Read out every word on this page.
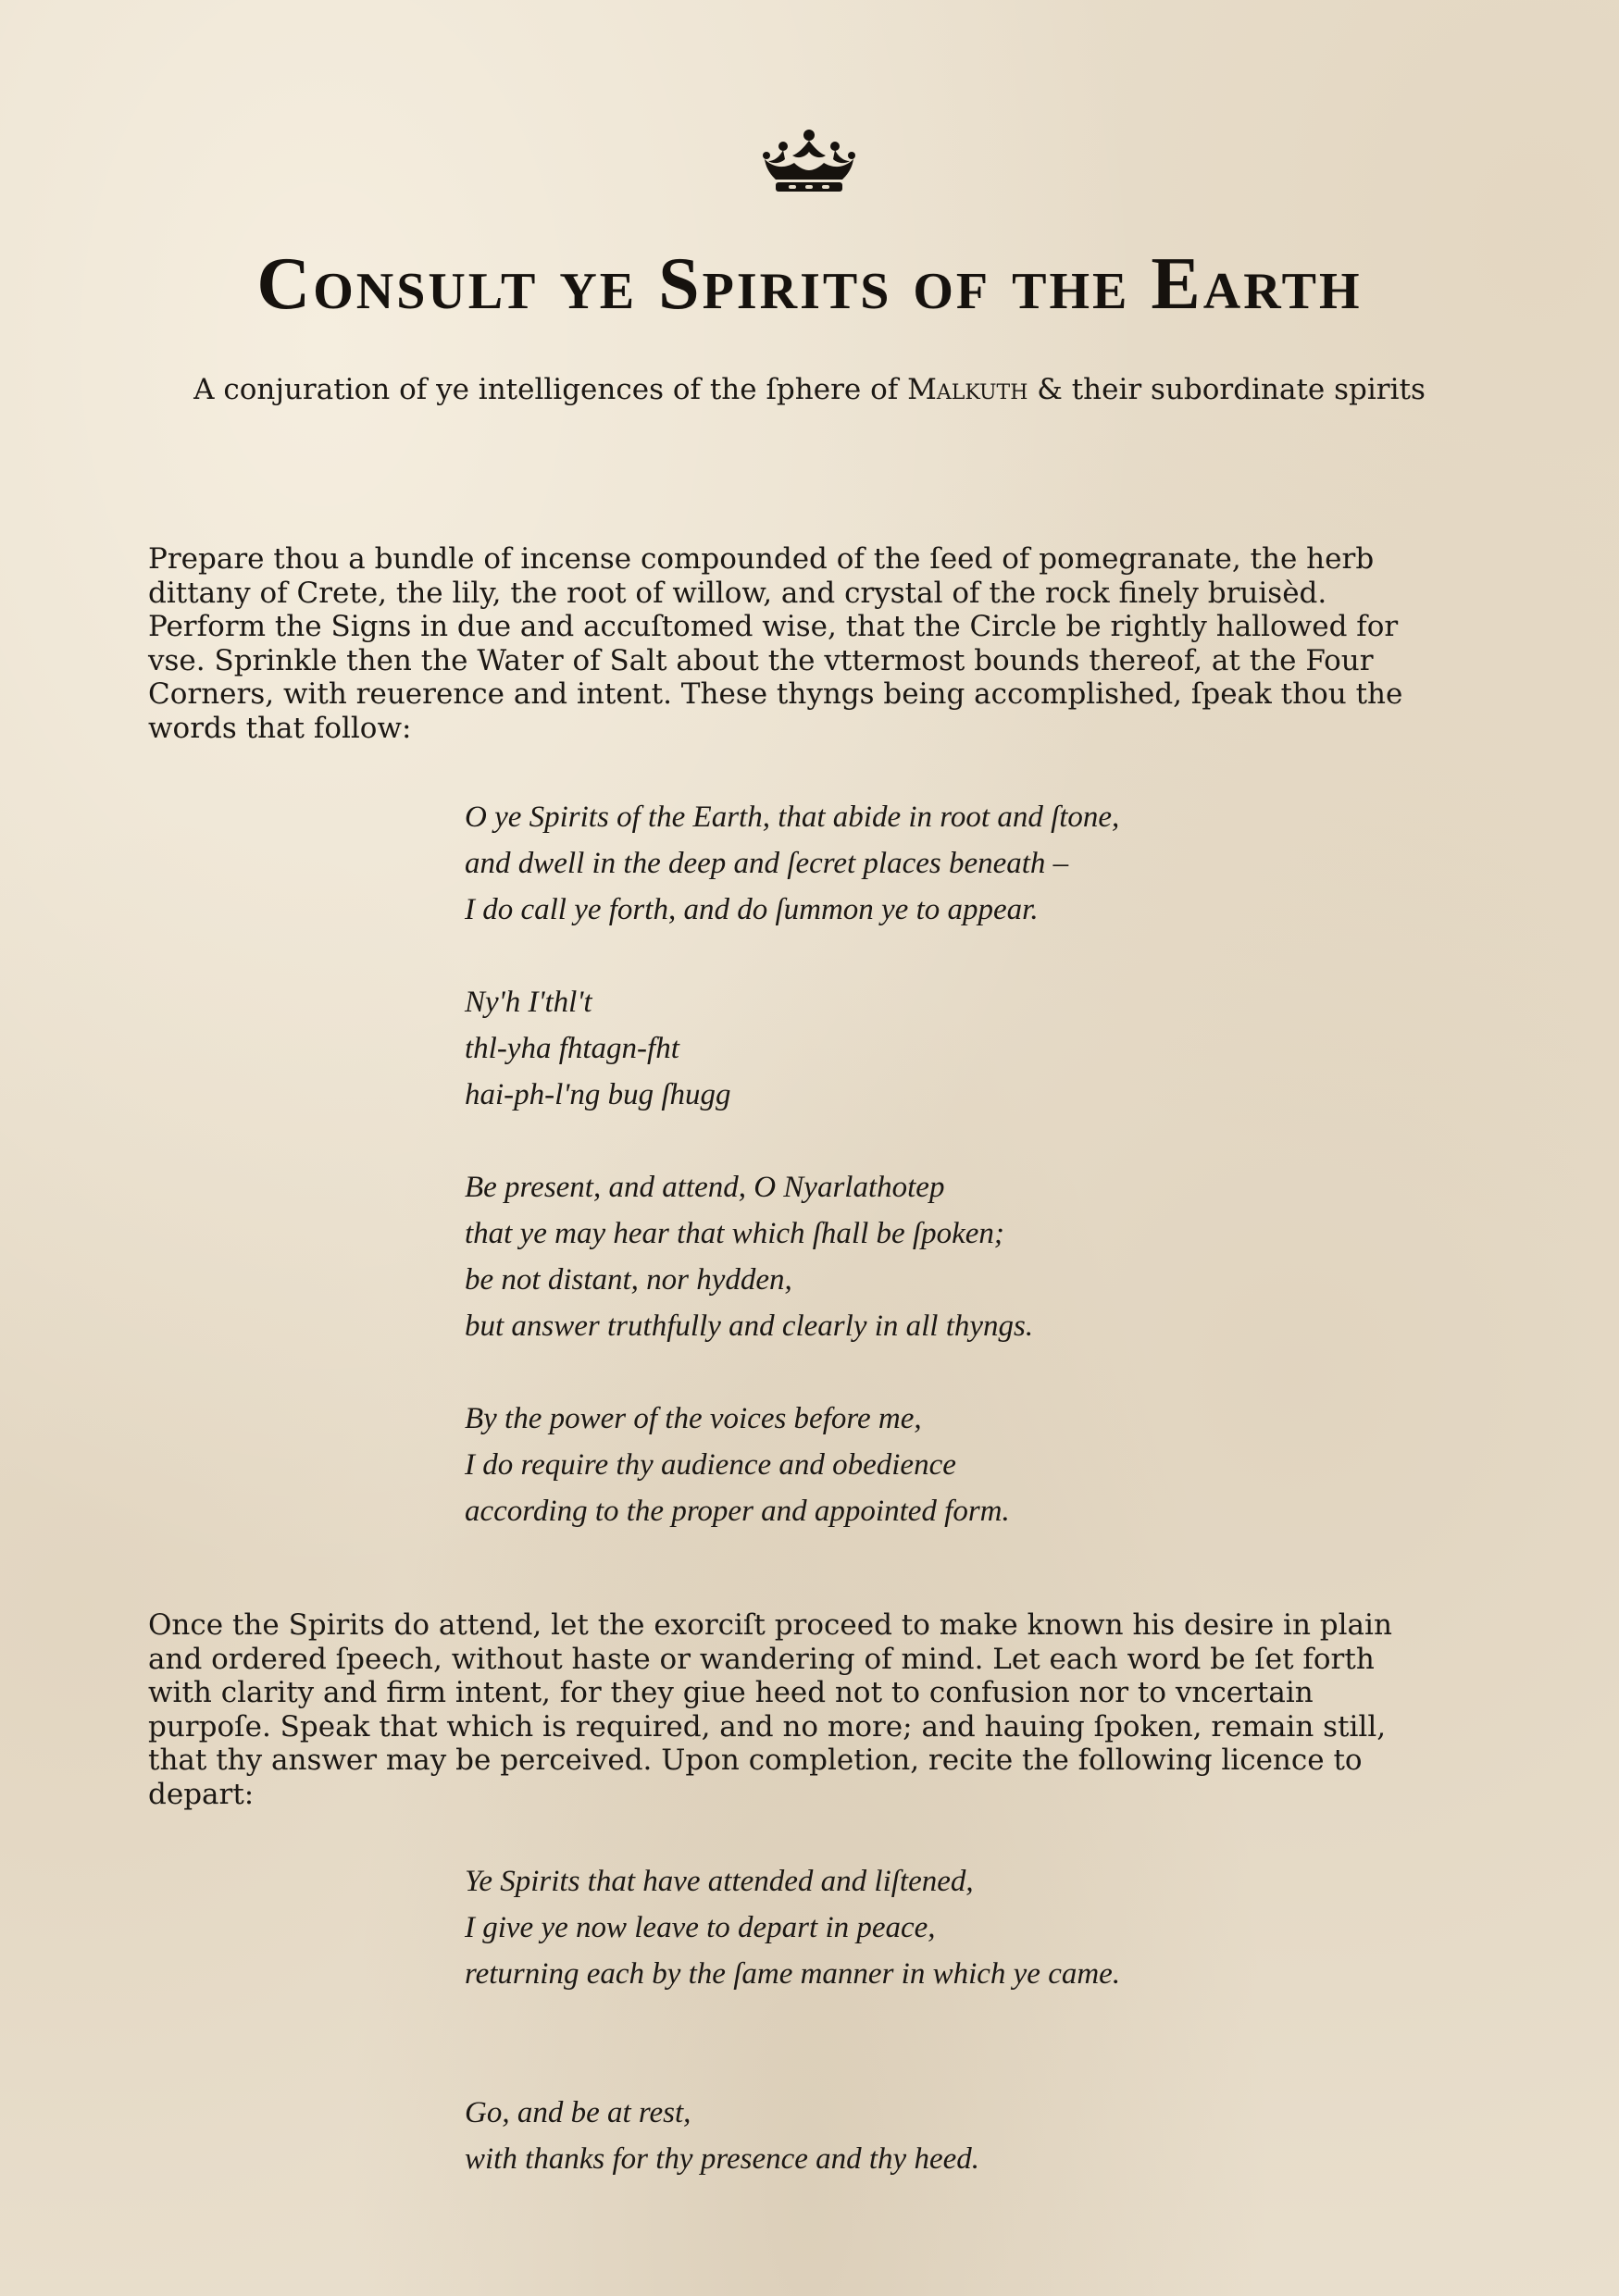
Consult ye Spirits of the Earth
A conjuration of ye intelligences of the ſphere of Malkuth & their subordinate spirits
Prepare thou a bundle of incense compounded of the ſeed of pomegranate, the herb
dittany of Crete, the lily, the root of willow, and crystal of the rock finely bruisèd.
Perform the Signs in due and accuſtomed wise, that the Circle be rightly hallowed for
vse. Sprinkle then the Water of Salt about the vttermost bounds thereof, at the Four
Corners, with reuerence and intent. These thyngs being accomplished, ſpeak thou the
words that follow:
O ye Spirits of the Earth, that abide in root and ſtone,
and dwell in the deep and ſecret places beneath –
I do call ye forth, and do ſummon ye to appear.
Ny'h I'thl't
thl-yha fhtagn-fht
hai-ph-l'ng bug ſhugg
Be present, and attend, O Nyarlathotep
that ye may hear that which ſhall be ſpoken;
be not distant, nor hydden,
but answer truthfully and clearly in all thyngs.
By the power of the voices before me,
I do require thy audience and obedience
according to the proper and appointed form.
Once the Spirits do attend, let the exorciſt proceed to make known his desire in plain
and ordered ſpeech, without haste or wandering of mind. Let each word be ſet forth
with clarity and firm intent, for they giue heed not to confusion nor to vncertain
purpoſe. Speak that which is required, and no more; and hauing ſpoken, remain still,
that thy answer may be perceived. Upon completion, recite the following licence to
depart:
Ye Spirits that have attended and liſtened,
I give ye now leave to depart in peace,
returning each by the ſame manner in which ye came.
Go, and be at rest,
with thanks for thy presence and thy heed.
